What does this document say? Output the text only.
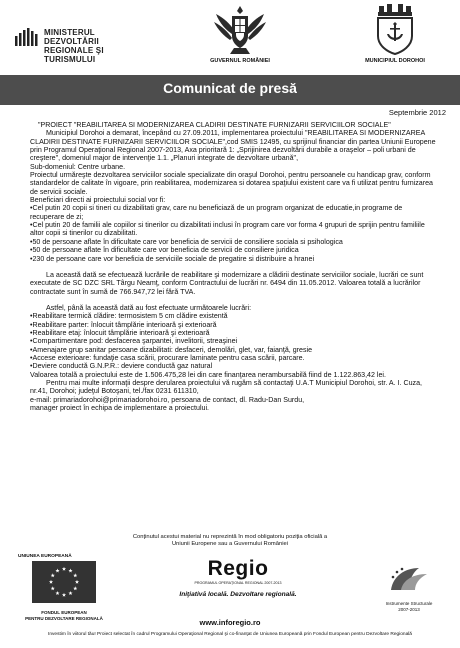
MINISTERUL DEZVOLTĂRII
REGIONALE ŞI TURISMULUI	GUVERNUL ROMÂNIEI	MUNICIPIUL DOROHOI
Comunicat de presă
Septembrie 2012

"PROIECT "REABILITAREA SI MODERNIZAREA CLADIRII DESTINATE FURNIZARII SERVICIILOR SOCIALE"

Municipiul Dorohoi a demarat, începând cu 27.09.2011, implementarea proiectului "REABILITAREA SI MODERNIZAREA CLADIRII DESTINATE FURNIZARII SERVICIILOR SOCIALE",cod SMIS 12495, cu sprijinul financiar din partea Uniunii Europene prin Programul Operaţional Regional 2007-2013, Axa prioritară 1: „Sprijinirea dezvoltării durabile a oraşelor – poli urbani de creştere", domeniul major de intervenţie 1.1. „Planuri integrate de dezvoltare urbană",

Sub-domeniul: Centre urbane.

Proiectul urmăreşte dezvoltarea serviciilor sociale specializate din oraşul Dorohoi, pentru persoanele cu handicap grav, conform standardelor de calitate în vigoare, prin reabilitarea, modernizarea si dotarea spaţiului existent care va fi utilizat pentru furnizarea de servicii sociale.

Beneficiari directi ai proiectului social vor fi:

•Cel putin 20 copii si tineri cu dizabilitati grav, care nu beneficiază de un program organizat de educatie,in programe de recuperare de zi;

•Cel putin 20 de familii ale copiilor si tinerilor cu dizabilitati inclusi în program care vor forma 4 grupuri de sprijin pentru familiile altor copii si tinerilor cu dizabilitati.

•50 de persoane aflate în dificultate care vor beneficia de servicii de consiliere sociala si psihologica

•50 de persoane aflate în dificultate care vor beneficia de servicii de consiliere juridica

•230 de persoane care vor beneficia de serviciile sociale de pregatire si distribuire a hranei

La această dată se efectuează lucrările de reabilitare şi modernizare a clădirii destinate serviciilor sociale, lucrări ce sunt executate de SC DZC SRL Târgu Neamţ, conform Contractului de lucrări nr. 6494 din 11.05.2012. Valoarea totală a lucrărilor contractate sunt în sumă de 766.947,72 lei fără TVA.

Astfel, până la această dată au fost efectuate următoarele lucrări:

•Reabilitare termică clădire: termosistem 5 cm clădire existentă

•Reabilitare parter: înlocuit tâmplărie interioară şi exterioară

•Reabilitare etaj: înlocuit tâmplărie interioară şi exterioară

•Compartimentare pod: desfacerea şarpantei, invelitorii, streaşinei

•Amenajare grup sanitar persoane dizabilitati: desfaceri, demolări, glet, var, faianţă, gresie

•Accese exterioare: fundaţie casa scării, procurare laminate pentru casa scării, parcare.

•Deviere conductă G.N.P.R.: deviere conductă gaz natural

Valoarea totală a proiectului este de 1.506.475,28 lei din care finanţarea nerambursabilă fiind de 1.122.863,42 lei.

Pentru mai multe informaţii despre derularea proiectului vă rugăm să contactaţi U.A.T Municipiul Dorohoi, str. A. I. Cuza, nr.41, Dorohoi; judeţul Botoşani, tel./fax 0231 611310,

e-mail: primariadorohoi@primariadorohoi.ro, persoana de contact, dl. Radu-Dan Surdu,

manager proiect în echipa de implementare a proiectului.

Conţinutul acestui material nu reprezintă în mod obligatoriu poziţia oficială a
Uniunii Europene sau a Guvernului României
UNIUNEA EUROPEANĂ
FONDUL EUROPEAN
PENTRU DEZVOLTARE REGIONALĂ
Regio
PROGRAMUL OPERAŢIONAL REGIONAL 2007-2013
Iniţiativă locală. Dezvoltare regională.
Instrumente Structurale
2007-2013
www.inforegio.ro
Investim în viitorul tău! Proiect selectat în cadrul Programului Operaţional Regional şi co-finanţat de Uniunea Europeană prin Fondul European pentru Dezvoltare Regională
